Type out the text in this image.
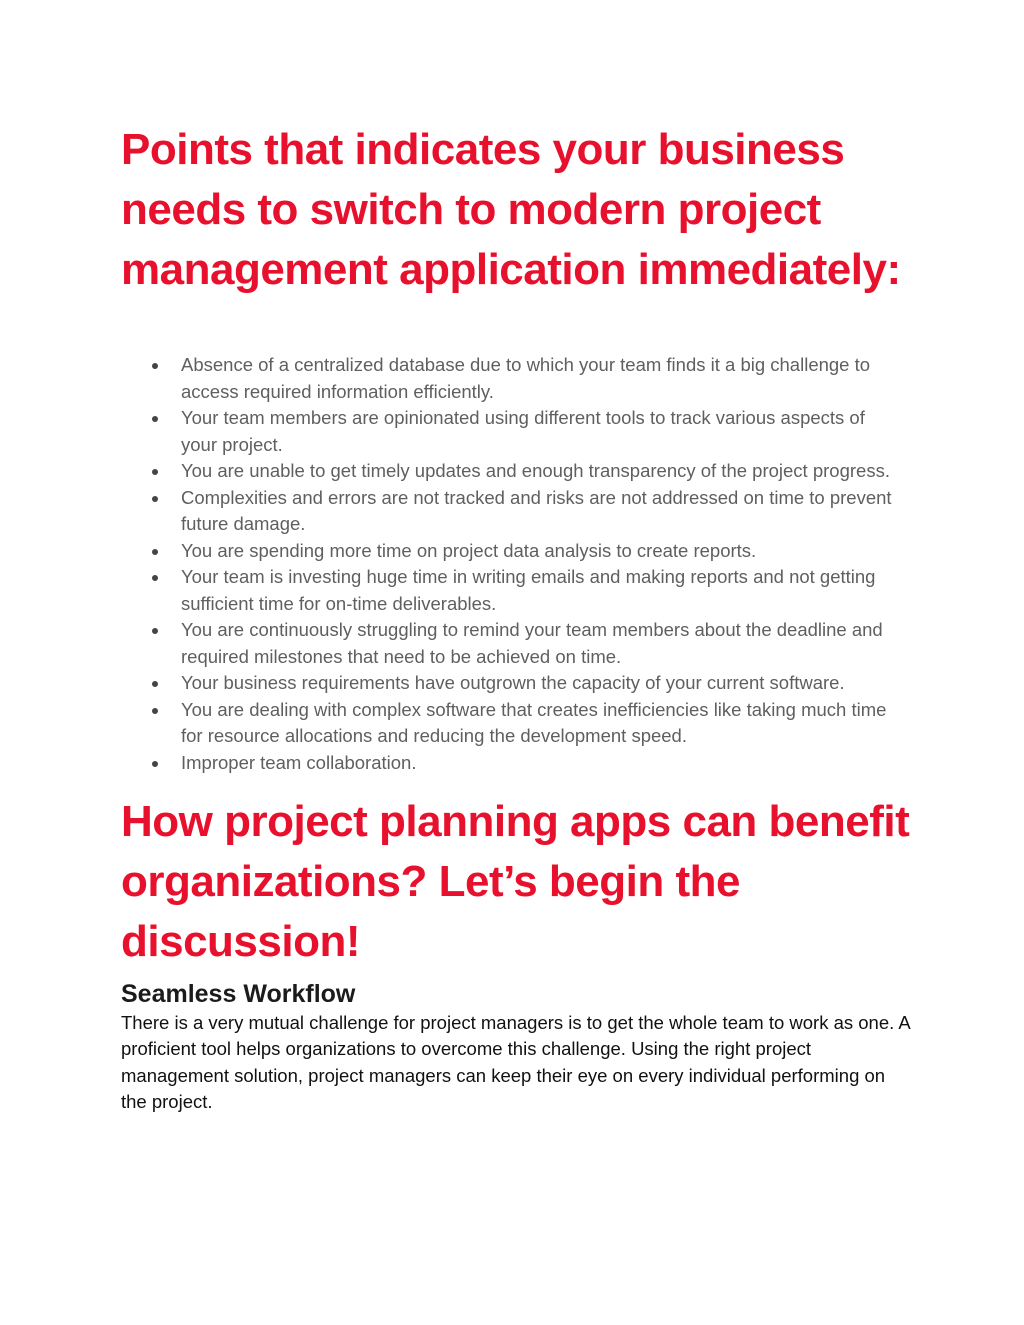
Points that indicates your business needs to switch to modern project management application immediately:
Absence of a centralized database due to which your team finds it a big challenge to access required information efficiently.
Your team members are opinionated using different tools to track various aspects of your project.
You are unable to get timely updates and enough transparency of the project progress.
Complexities and errors are not tracked and risks are not addressed on time to prevent future damage.
You are spending more time on project data analysis to create reports.
Your team is investing huge time in writing emails and making reports and not getting sufficient time for on-time deliverables.
You are continuously struggling to remind your team members about the deadline and required milestones that need to be achieved on time.
Your business requirements have outgrown the capacity of your current software.
You are dealing with complex software that creates inefficiencies like taking much time for resource allocations and reducing the development speed.
Improper team collaboration.
How project planning apps can benefit organizations? Let’s begin the discussion!
Seamless Workflow

There is a very mutual challenge for project managers is to get the whole team to work as one. A proficient tool helps organizations to overcome this challenge. Using the right project management solution, project managers can keep their eye on every individual performing on the project.
